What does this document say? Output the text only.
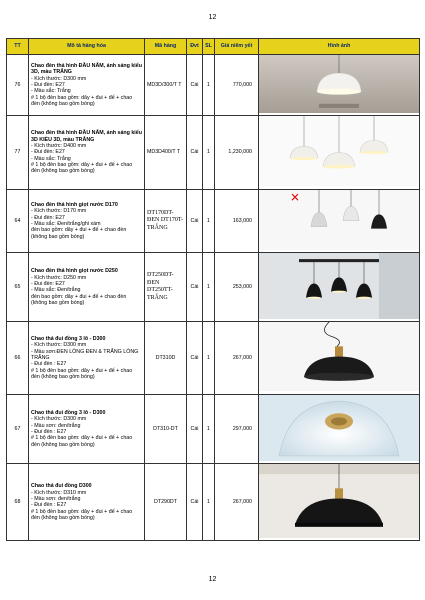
12
TT	Mô tả hàng hóa	Mã hàng	Đvt	SL	Giá niêm yết	Hình ảnh
76	Chao đèn thả hình ĐẦU NẤM, ánh sáng kiểu 3D, màu TRẮNG
- Kích thước: D300 mm
- Đui đèn: E27
- Màu sắc: Trắng
# 1 bộ đèn bao gồm: dây + đui + đế + chao đèn (không bao gồm bóng)	MD3D/300/T T	Cái	1	770,000	
77	Chao đèn thả hình ĐẦU NẤM, ánh sáng kiểu 3D KIỂU 3D, màu TRẮNG
- Kích thước: D400 mm
- Đui đèn: E27
- Màu sắc: Trắng
# 1 bộ đèn bao gồm: dây + đui + đế + chao đèn (không bao gồm bóng)	MD3D400/T T	Cái	1	1,230,000	
64	Chao đèn thả hình giọt nước D170
- Kích thước: D170 mm
- Đui đèn: E27
- Màu sắc: Đen/trắng/ghi xám
đèn bao gồm: dây + đui + đế + chao đèn (không bao gồm bóng)	DT170DT-ĐEN DT170T-TRẮNG	Cái	1	163,000	
65	Chao đèn thả hình giọt nước D250
- Kích thước: D250 mm
- Đui đèn: E27
- Màu sắc: Đen/trắng
đèn bao gồm: dây + đui + đế + chao đèn (không bao gồm bóng)	DT250DT-ĐEN DT250TT-TRẮNG	Cái	1	253,000	
66	Chao thả đui đồng 3 lô - D300
- Kích thước: D300 mm
- Màu sơn:ĐEN LÒNG ĐEN & TRẮNG LÒNG TRẮNG
- Đui đèn : E27
# 1 bộ đèn bao gồm: dây + đui + đế + chao đèn (không bao gồm bóng)	DT310D	Cái	1	267,000	
67	Chao thả đui đồng 3 lô - D300
- Kích thước: D300 mm
- Màu sơn: đen/trắng
- Đui đèn : E27
# 1 bộ đèn bao gồm: dây + đui + đế + chao đèn (không bao gồm bóng)	DT310-DT	Cái	1	297,000	
68	Chao thả đui đồng D300
- Kích thước: D310 mm
- Màu sơn: đen/trắng
- Đui đèn : E27
# 1 bộ đèn bao gồm: dây + đui + đế + chao đèn (không bao gồm bóng)	DT290DT	Cái	1	267,000	
12
